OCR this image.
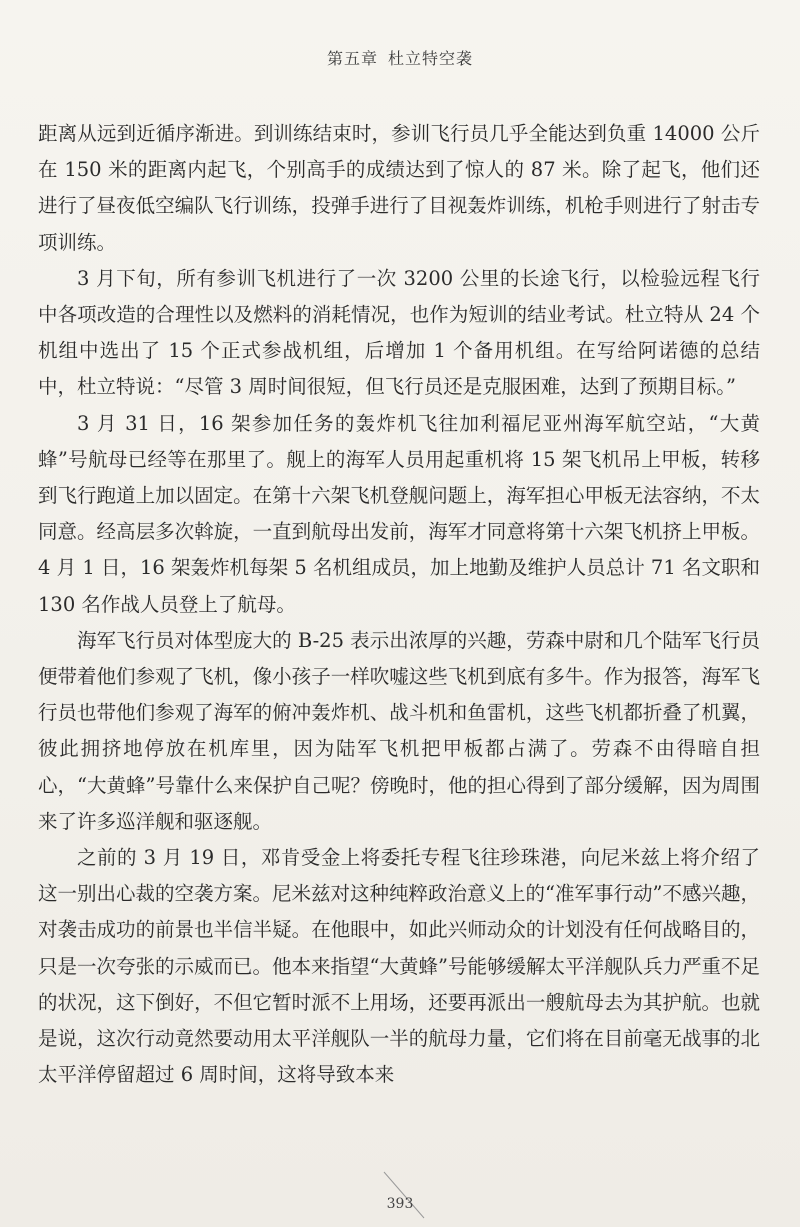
第五章 杜立特空袭

距离从远到近循序渐进。到训练结束时，参训飞行员几乎全能达到负重 14000 公斤在 150 米的距离内起飞，个别高手的成绩达到了惊人的 87 米。除了起飞，他们还进行了昼夜低空编队飞行训练，投弹手进行了目视轰炸训练，机枪手则进行了射击专项训练。

3 月下旬，所有参训飞机进行了一次 3200 公里的长途飞行，以检验远程飞行中各项改造的合理性以及燃料的消耗情况，也作为短训的结业考试。杜立特从 24 个机组中选出了 15 个正式参战机组，后增加 1 个备用机组。在写给阿诺德的总结中，杜立特说：“尽管 3 周时间很短，但飞行员还是克服困难，达到了预期目标。”

3 月 31 日，16 架参加任务的轰炸机飞往加利福尼亚州海军航空站，“大黄蜂”号航母已经等在那里了。舰上的海军人员用起重机将 15 架飞机吊上甲板，转移到飞行跑道上加以固定。在第十六架飞机登舰问题上，海军担心甲板无法容纳，不太同意。经高层多次斡旋，一直到航母出发前，海军才同意将第十六架飞机挤上甲板。4 月 1 日，16 架轰炸机每架 5 名机组成员，加上地勤及维护人员总计 71 名文职和 130 名作战人员登上了航母。

海军飞行员对体型庞大的 B-25 表示出浓厚的兴趣，劳森中尉和几个陆军飞行员便带着他们参观了飞机，像小孩子一样吹嘘这些飞机到底有多牛。作为报答，海军飞行员也带他们参观了海军的俯冲轰炸机、战斗机和鱼雷机，这些飞机都折叠了机翼，彼此拥挤地停放在机库里，因为陆军飞机把甲板都占满了。劳森不由得暗自担心，“大黄蜂”号靠什么来保护自己呢？傍晚时，他的担心得到了部分缓解，因为周围来了许多巡洋舰和驱逐舰。

之前的 3 月 19 日，邓肯受金上将委托专程飞往珍珠港，向尼米兹上将介绍了这一别出心裁的空袭方案。尼米兹对这种纯粹政治意义上的“准军事行动”不感兴趣，对袭击成功的前景也半信半疑。在他眼中，如此兴师动众的计划没有任何战略目的，只是一次夸张的示威而已。他本来指望“大黄蜂”号能够缓解太平洋舰队兵力严重不足的状况，这下倒好，不但它暂时派不上用场，还要再派出一艘航母去为其护航。也就是说，这次行动竟然要动用太平洋舰队一半的航母力量，它们将在目前毫无战事的北太平洋停留超过 6 周时间，这将导致本来

393
